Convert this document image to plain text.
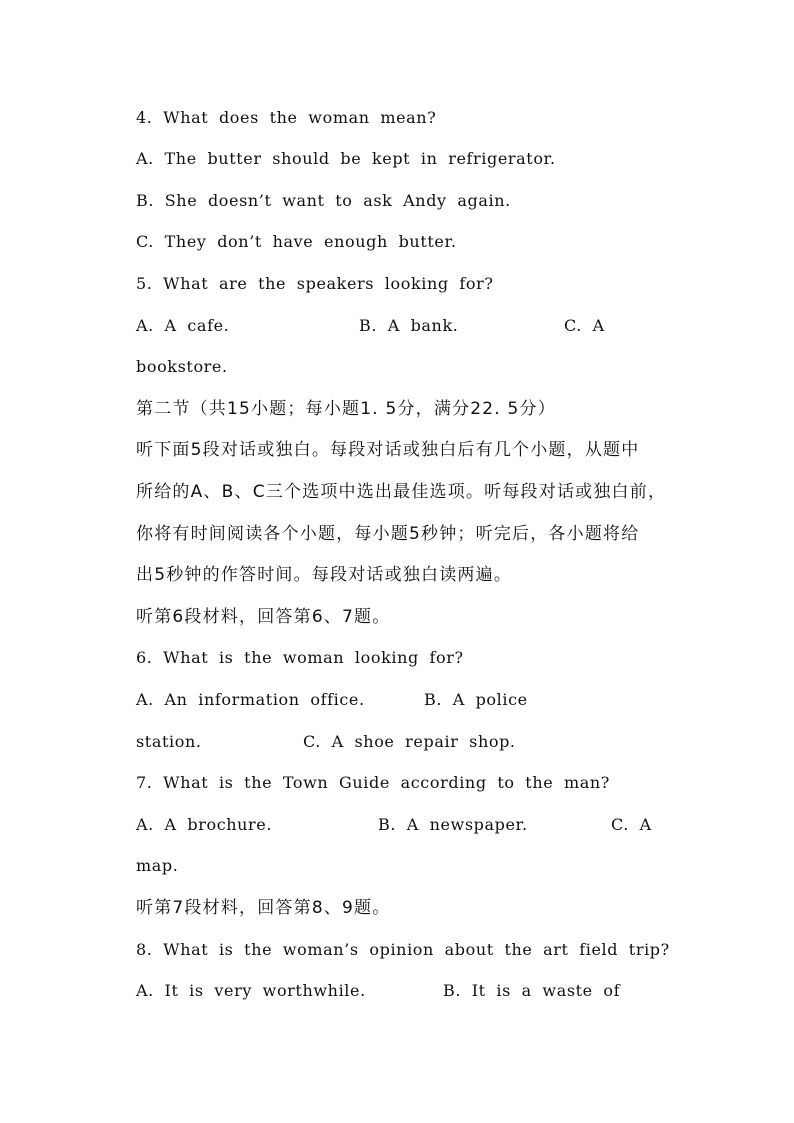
4. What does the woman mean?
A. The butter should be kept in refrigerator.
B. She doesn’t want to ask Andy again.
C. They don’t have enough butter.
5. What are the speakers looking for?

A. A cafe.

	B. A bank.

	C. A

bookstore.
第二节（共15小题；每小题1. 5分，满分22. 5分）
听下面5段对话或独白。每段对话或独白后有几个小题，从题中
所给的A、B、C三个选项中选出最佳选项。听每段对话或独白前，
你将有时间阅读各个小题，每小题5秒钟；听完后，各小题将给
出5秒钟的作答时间。每段对话或独白读两遍。
听第6段材料，回答第6、7题。
6. What is the woman looking for?

A. An information office.

	B. A police

station.

	C. A shoe repair shop.

7. What is the Town Guide according to the man?

A. A brochure.

	B. A newspaper.

	C. A

map.
听第7段材料，回答第8、9题。
8. What is the woman’s opinion about the art field trip?

A. It is very worthwhile.

	B. It is a waste of
